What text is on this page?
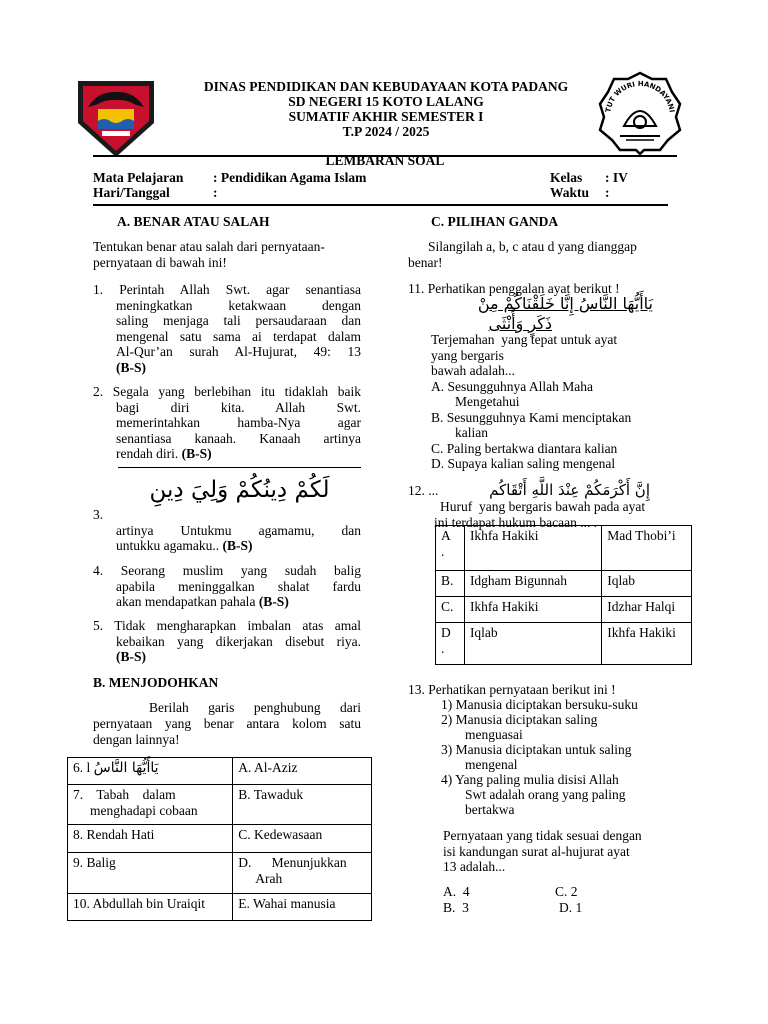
DINAS PENDIDIKAN DAN KEBUDAYAAN KOTA PADANG
SD NEGERI 15 KOTO LALANG
SUMATIF AKHIR SEMESTER I
T.P 2024 / 2025
TUT WURI HANDAYANI
LEMBARAN SOAL
Mata Pelajaran : Pendidikan Agama Islam
Hari/Tanggal	:
Kelas : IV
Waktu :
A. BENAR ATAU SALAH
Tentukan benar atau salah dari pernyataan-
pernyataan di bawah ini!
1. Perintah Allah Swt. agar senantiasa
meningkatkan ketakwaan dengan
saling menjaga tali persaudaraan dan
mengenal satu sama ai terdapat dalam
Al-Qur’an surah Al-Hujurat, 49: 13
(B-S)
2. Segala yang berlebihan itu tidaklah baik
bagi diri kita. Allah Swt.
memerintahkan hamba-Nya agar
senantiasa kanaah. Kanaah artinya
rendah diri. (B-S)
لَكُمْ دِينُكُمْ وَلِيَ دِينِ
3.
artinya Untukmu agamamu, dan
untukku agamaku.. (B-S)
4. Seorang muslim yang sudah balig
apabila meninggalkan shalat fardu
akan mendapatkan pahala (B-S)
5. Tidak mengharapkan imbalan atas amal
kebaikan yang dikerjakan disebut riya.
(B-S)
B. MENJODOHKAN
Berilah garis penghubung dari
pernyataan yang benar antara kolom satu
dengan lainnya!
6. l يَاأَيُّهَا النَّاسُ	A. Al-Aziz

7.    Tabah    dalam
menghadapi cobaan	B. Tawaduk
8. Rendah Hati	C. Kedewasaan
9. Balig	D.      Menunjukkan
Arah

10. Abdullah bin Uraiqit	E. Wahai manusia
C. PILIHAN GANDA
Silangilah a, b, c atau d yang dianggap
benar!
11. Perhatikan penggalan ayat berikut !
يَاأَيُّهَا النَّاسُ إِنَّا خَلَقْنَاكُمْ مِنْ
ذَكَرٍ وَأُنْثَى
Terjemahan  yang tepat untuk ayat
yang bergaris
bawah adalah...
A. Sesungguhnya Allah Maha
Mengetahui
B. Sesungguhnya Kami menciptakan
kalian
C. Paling bertakwa diantara kalian
D. Supaya kalian saling mengenal
12. ...	إِنَّ أَكْرَمَكُمْ عِنْدَ اللَّهِ أَتْقَاكُم
Huruf  yang bergaris bawah pada ayat
ini terdapat hukum bacaan ... .
A
.	Ikhfa Hakiki	Mad Thobi’i
B.	Idgham Bigunnah	Iqlab
C.	Ikhfa Hakiki	Idzhar Halqi
D
.	Iqlab	Ikhfa Hakiki
13. Perhatikan pernyataan berikut ini !
1) Manusia diciptakan bersuku-suku
2) Manusia diciptakan saling
menguasai
3) Manusia diciptakan untuk saling
mengenal
4) Yang paling mulia disisi Allah
Swt adalah orang yang paling
bertakwa
Pernyataan yang tidak sesuai dengan
isi kandungan surat al-hujurat ayat
13 adalah...
A.  4	C. 2
B.  3	D. 1
